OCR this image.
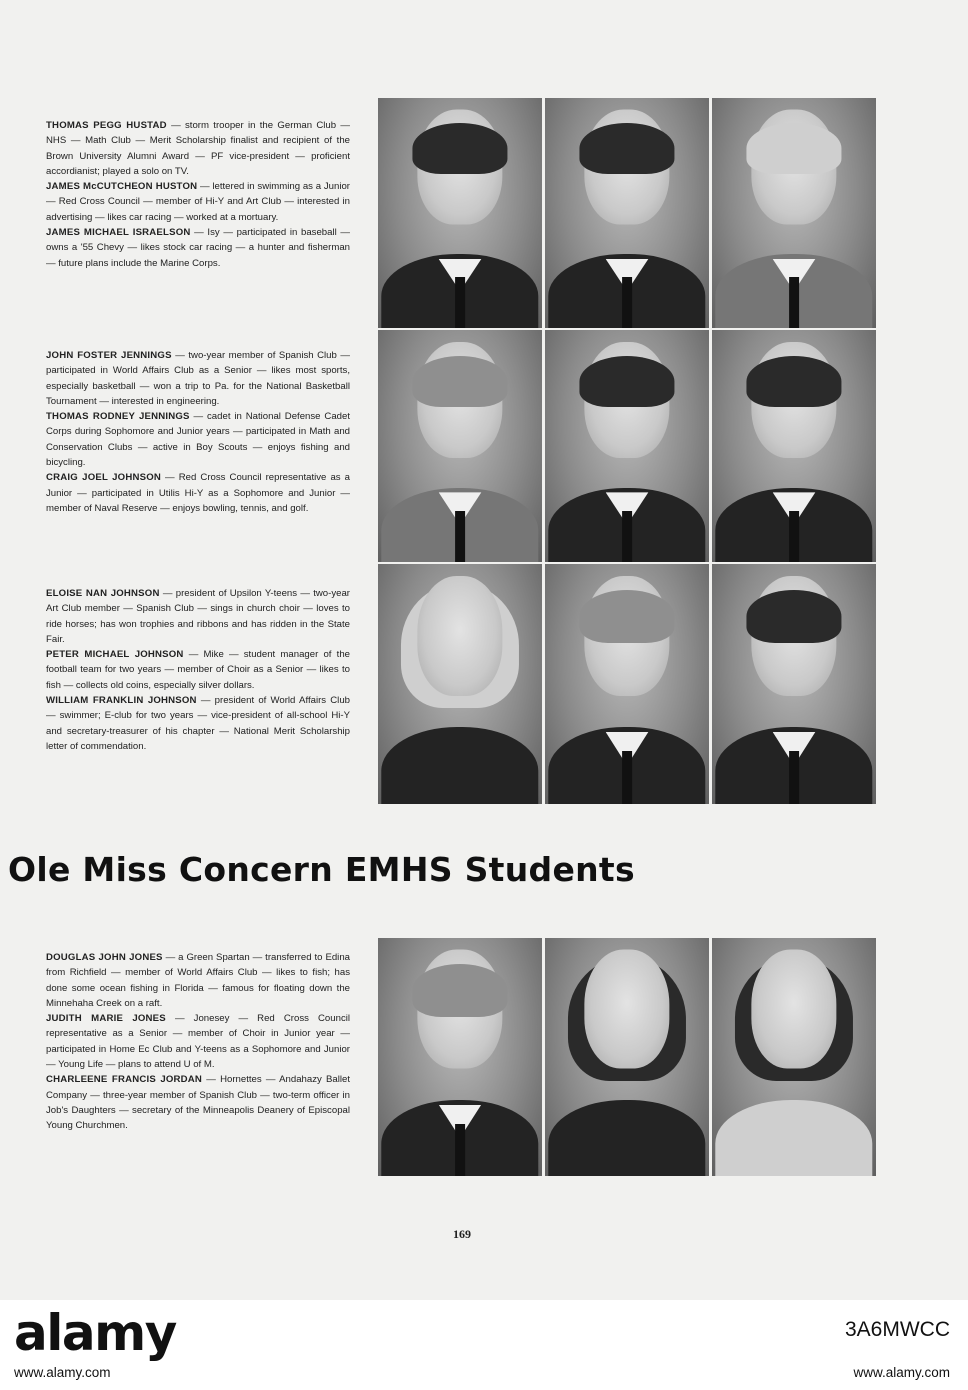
THOMAS PEGG HUSTAD — storm trooper in the German Club — NHS — Math Club — Merit Scholarship finalist and recipient of the Brown University Alumni Award — PF vice-president — proficient accordianist; played a solo on TV.

JAMES McCUTCHEON HUSTON — lettered in swimming as a Junior — Red Cross Council — member of Hi-Y and Art Club — interested in advertising — likes car racing — worked at a mortuary.

JAMES MICHAEL ISRAELSON — Isy — participated in baseball — owns a '55 Chevy — likes stock car racing — a hunter and fisherman — future plans include the Marine Corps.

JOHN FOSTER JENNINGS — two-year member of Spanish Club — participated in World Affairs Club as a Senior — likes most sports, especially basketball — won a trip to Pa. for the National Basketball Tournament — interested in engineering.

THOMAS RODNEY JENNINGS — cadet in National Defense Cadet Corps during Sophomore and Junior years — participated in Math and Conservation Clubs — active in Boy Scouts — enjoys fishing and bicycling.

CRAIG JOEL JOHNSON — Red Cross Council representative as a Junior — participated in Utilis Hi-Y as a Sophomore and Junior — member of Naval Reserve — enjoys bowling, tennis, and golf.

ELOISE NAN JOHNSON — president of Upsilon Y-teens — two-year Art Club member — Spanish Club — sings in church choir — loves to ride horses; has won trophies and ribbons and has ridden in the State Fair.

PETER MICHAEL JOHNSON — Mike — student manager of the football team for two years — member of Choir as a Senior — likes to fish — collects old coins, especially silver dollars.

WILLIAM FRANKLIN JOHNSON — president of World Affairs Club — swimmer; E-club for two years — vice-president of all-school Hi-Y and secretary-treasurer of his chapter — National Merit Scholarship letter of commendation.

Ole Miss Concern EMHS Students

DOUGLAS JOHN JONES — a Green Spartan — transferred to Edina from Richfield — member of World Affairs Club — likes to fish; has done some ocean fishing in Florida — famous for floating down the Minnehaha Creek on a raft.

JUDITH MARIE JONES — Jonesey — Red Cross Council representative as a Senior — member of Choir in Junior year — participated in Home Ec Club and Y-teens as a Sophomore and Junior — Young Life — plans to attend U of M.

CHARLEENE FRANCIS JORDAN — Hornettes — Andahazy Ballet Company — three-year member of Spanish Club — two-term officer in Job's Daughters — secretary of the Minneapolis Deanery of Episcopal Young Churchmen.

169
alamy	3A6MWCC
www.alamy.com	www.alamy.com
